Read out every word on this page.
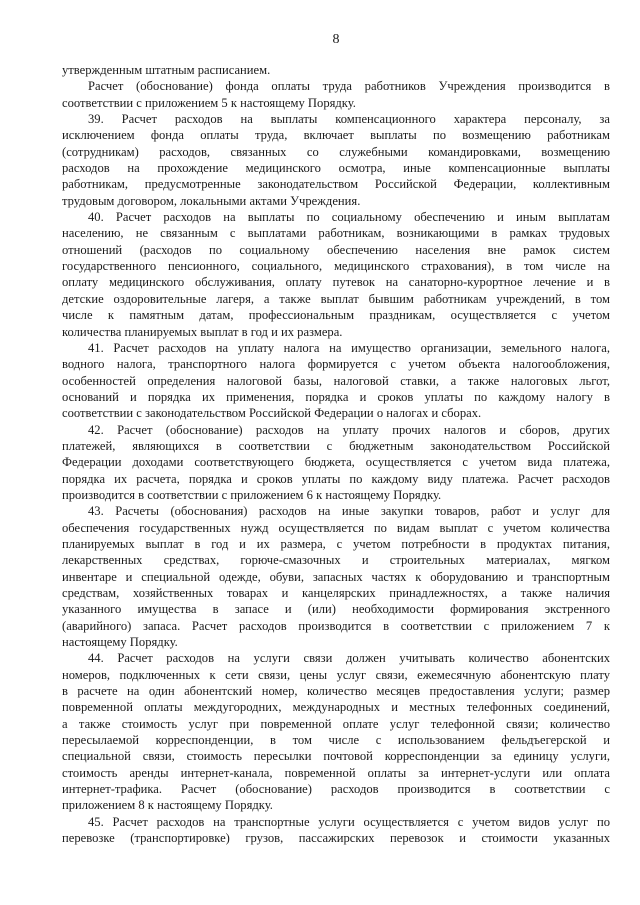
8
утвержденным штатным расписанием.
Расчет (обоснование) фонда оплаты труда работников Учреждения производится в
соответствии с приложением 5 к настоящему Порядку.
39. Расчет расходов на выплаты компенсационного характера персоналу, за
исключением фонда оплаты труда, включает выплаты по возмещению работникам
(сотрудникам) расходов, связанных со служебными командировками, возмещению
расходов на прохождение медицинского осмотра, иные компенсационные выплаты
работникам, предусмотренные законодательством Российской Федерации, коллективным
трудовым договором, локальными актами Учреждения.
40. Расчет расходов на выплаты по социальному обеспечению и иным выплатам
населению, не связанным с выплатами работникам, возникающими в рамках трудовых
отношений (расходов по социальному обеспечению населения вне рамок систем
государственного пенсионного, социального, медицинского страхования), в том числе на
оплату медицинского обслуживания, оплату путевок на санаторно-курортное лечение и в
детские оздоровительные лагеря, а также выплат бывшим работникам учреждений, в том
числе к памятным датам, профессиональным праздникам, осуществляется с учетом
количества планируемых выплат в год и их размера.
41. Расчет расходов на уплату налога на имущество организации, земельного налога,
водного налога, транспортного налога формируется с учетом объекта налогообложения,
особенностей определения налоговой базы, налоговой ставки, а также налоговых льгот,
оснований и порядка их применения, порядка и сроков уплаты по каждому налогу в
соответствии с законодательством Российской Федерации о налогах и сборах.
42. Расчет (обоснование) расходов на уплату прочих налогов и сборов, других
платежей, являющихся в соответствии с бюджетным законодательством Российской
Федерации доходами соответствующего бюджета, осуществляется с учетом вида платежа,
порядка их расчета, порядка и сроков уплаты по каждому виду платежа. Расчет расходов
производится в соответствии с приложением 6 к настоящему Порядку.
43. Расчеты (обоснования) расходов на иные закупки товаров, работ и услуг для
обеспечения государственных нужд осуществляется по видам выплат с учетом количества
планируемых выплат в год и их размера, с учетом потребности в продуктах питания,
лекарственных средствах, горюче-смазочных и строительных материалах, мягком
инвентаре и специальной одежде, обуви, запасных частях к оборудованию и транспортным
средствам, хозяйственных товарах и канцелярских принадлежностях, а также наличия
указанного имущества в запасе и (или) необходимости формирования экстренного
(аварийного) запаса. Расчет расходов производится в соответствии с приложением 7 к
настоящему Порядку.
44. Расчет расходов на услуги связи должен учитывать количество абонентских
номеров, подключенных к сети связи, цены услуг связи, ежемесячную абонентскую плату
в расчете на один абонентский номер, количество месяцев предоставления услуги; размер
повременной оплаты междугородних, международных и местных телефонных соединений,
а также стоимость услуг при повременной оплате услуг телефонной связи; количество
пересылаемой корреспонденции, в том числе с использованием фельдъегерской и
специальной связи, стоимость пересылки почтовой корреспонденции за единицу услуги,
стоимость аренды интернет-канала, повременной оплаты за интернет-услуги или оплата
интернет-трафика. Расчет (обоснование) расходов производится в соответствии с
приложением 8 к настоящему Порядку.
45. Расчет расходов на транспортные услуги осуществляется с учетом видов услуг по
перевозке (транспортировке) грузов, пассажирских перевозок и стоимости указанных
